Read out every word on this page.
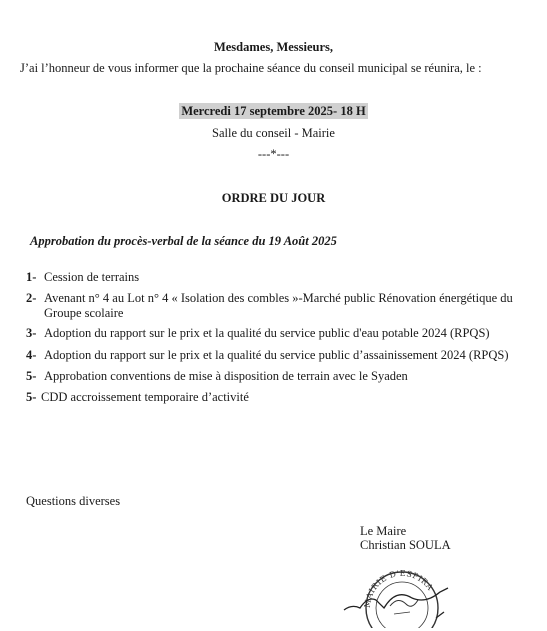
Mesdames, Messieurs,
J’ai l’honneur de vous informer que la prochaine séance du conseil municipal se réunira, le :
Mercredi 17 septembre 2025- 18 H
Salle du conseil - Mairie
---*---
ORDRE DU JOUR
Approbation du procès-verbal de la séance du 19 Août 2025
1- Cession de terrains
2- Avenant n° 4 au Lot n° 4 « Isolation des combles »-Marché public Rénovation énergétique du Groupe scolaire
3- Adoption du rapport sur le prix et la qualité du service public d'eau potable 2024 (RPQS)
4- Adoption du rapport sur le prix et la qualité du service public d’assainissement 2024 (RPQS)
5- Approbation conventions de mise à disposition de terrain avec le Syaden
5- CDD accroissement temporaire d’activité
Questions diverses
Le Maire
Christian SOULA
MAIRIE D'ESPIRA
